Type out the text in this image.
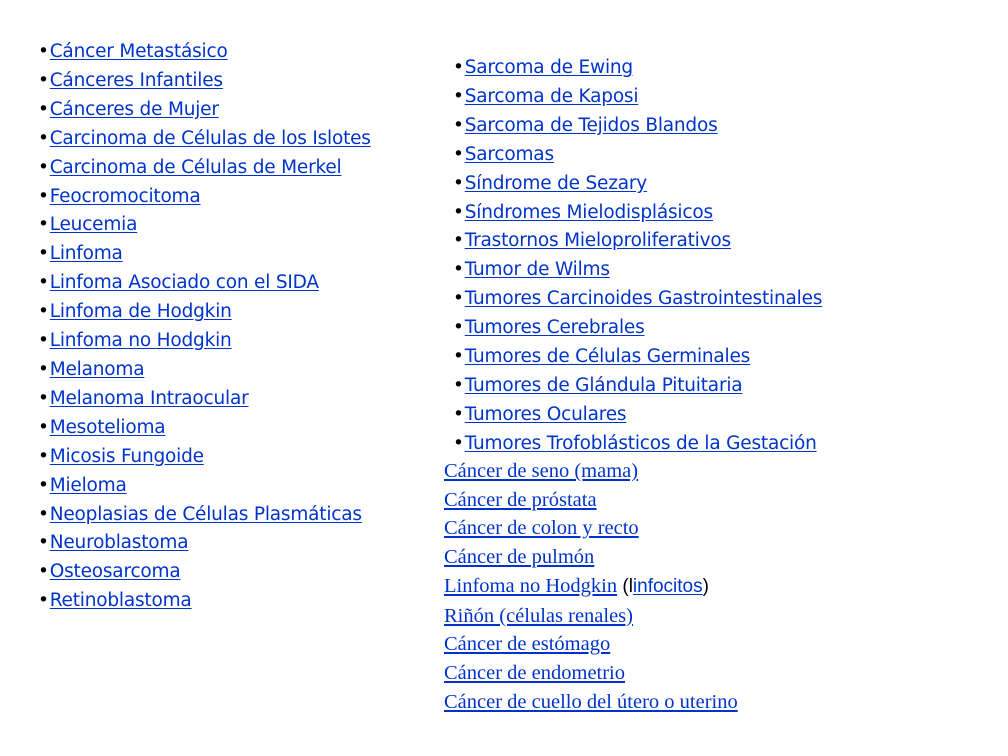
•Cáncer Metastásico
•Cánceres Infantiles
•Cánceres de Mujer
•Carcinoma de Células de los Islotes
•Carcinoma de Células de Merkel
•Feocromocitoma
•Leucemia
•Linfoma
•Linfoma Asociado con el SIDA
•Linfoma de Hodgkin
•Linfoma no Hodgkin
•Melanoma
•Melanoma Intraocular
•Mesotelioma
•Micosis Fungoide
•Mieloma
•Neoplasias de Células Plasmáticas
•Neuroblastoma
•Osteosarcoma
•Retinoblastoma
•Sarcoma de Ewing
•Sarcoma de Kaposi
•Sarcoma de Tejidos Blandos
•Sarcomas
•Síndrome de Sezary
•Síndromes Mielodisplásicos
•Trastornos Mieloproliferativos
•Tumor de Wilms
•Tumores Carcinoides Gastrointestinales
•Tumores Cerebrales
•Tumores de Células Germinales
•Tumores de Glándula Pituitaria
•Tumores Oculares
•Tumores Trofoblásticos de la Gestación
Cáncer de seno (mama)
Cáncer de próstata
Cáncer de colon y recto
Cáncer de pulmón
Linfoma no Hodgkin (linfocitos)
Riñón (células renales)
Cáncer de estómago
Cáncer de endometrio
Cáncer de cuello del útero o uterino
